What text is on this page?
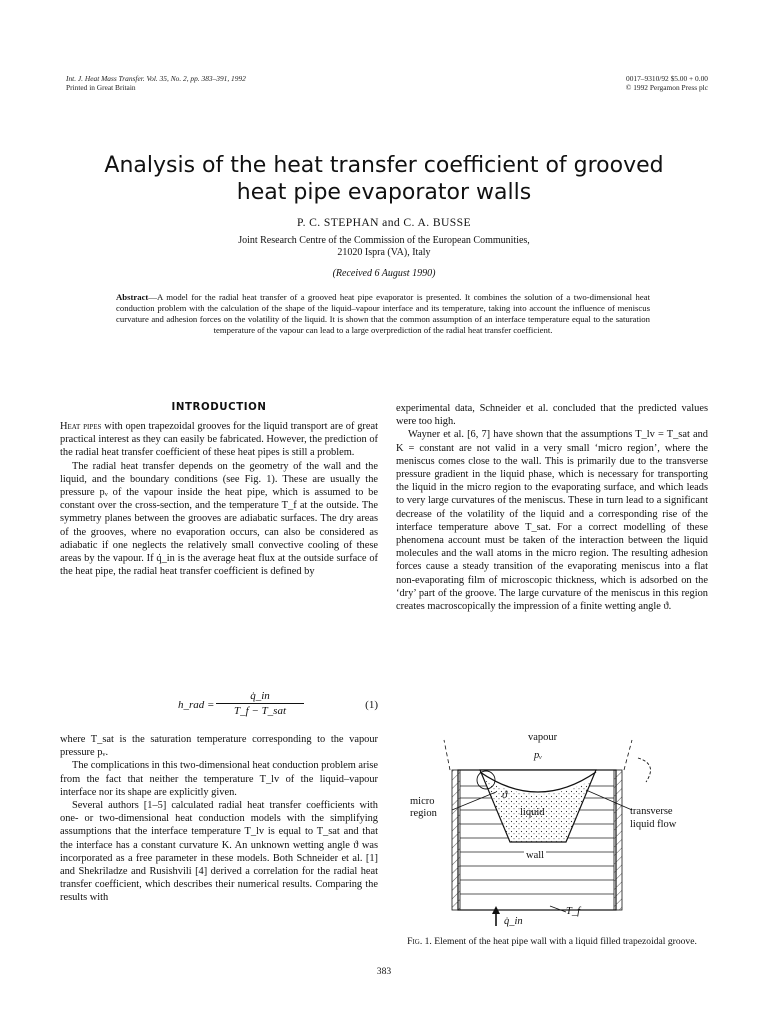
Int. J. Heat Mass Transfer. Vol. 35, No. 2, pp. 383–391, 1992
Printed in Great Britain
0017–9310/92 $5.00 + 0.00
© 1992 Pergamon Press plc
Analysis of the heat transfer coefficient of grooved
heat pipe evaporator walls
P. C. STEPHAN and C. A. BUSSE
Joint Research Centre of the Commission of the European Communities,
21020 Ispra (VA), Italy
(Received 6 August 1990)
Abstract—A model for the radial heat transfer of a grooved heat pipe evaporator is presented. It combines the solution of a two-dimensional heat conduction problem with the calculation of the shape of the liquid–vapour interface and its temperature, taking into account the influence of meniscus curvature and adhesion forces on the volatility of the liquid. It is shown that the common assumption of an interface temperature equal to the saturation temperature of the vapour can lead to a large overprediction of the radial heat transfer coefficient.
INTRODUCTION

Heat pipes with open trapezoidal grooves for the liquid transport are of great practical interest as they can easily be fabricated. However, the prediction of the radial heat transfer coefficient of these heat pipes is still a problem.

The radial heat transfer depends on the geometry of the wall and the liquid, and the boundary conditions (see Fig. 1). These are usually the pressure pᵥ of the vapour inside the heat pipe, which is assumed to be constant over the cross-section, and the temperature T_f at the outside. The symmetry planes between the grooves are adiabatic surfaces. The dry areas of the grooves, where no evaporation occurs, can also be considered as adiabatic if one neglects the relatively small convective cooling of these areas by the vapour. If q̇_in is the average heat flux at the outside surface of the heat pipe, the radial heat transfer coefficient is defined by

h_rad =
q̇_in
T_f − T_sat	(1)

where T_sat is the saturation temperature corresponding to the vapour pressure pᵥ.

The complications in this two-dimensional heat conduction problem arise from the fact that neither the temperature T_lv of the liquid–vapour interface nor its shape are explicitly given.

Several authors [1–5] calculated radial heat transfer coefficients with one- or two-dimensional heat conduction models with the simplifying assumptions that the interface temperature T_lv is equal to T_sat and that the interface has a constant curvature K. An unknown wetting angle ϑ was incorporated as a free parameter in these models. Both Schneider et al. [1] and Shekriladze and Rusishvili [4] derived a correlation for the radial heat transfer coefficient, which describes their numerical results. Comparing the results with

experimental data, Schneider et al. concluded that the predicted values were too high.

Wayner et al. [6, 7] have shown that the assumptions T_lv = T_sat and K = constant are not valid in a very small ‘micro region’, where the meniscus comes close to the wall. This is primarily due to the transverse pressure gradient in the liquid phase, which is necessary for transporting the liquid in the micro region to the evaporating surface, and which leads to very large curvatures of the meniscus. These in turn lead to a significant decrease of the volatility of the liquid and a corresponding rise of the interface temperature above T_sat. For a correct modelling of these phenomena account must be taken of the interaction between the liquid molecules and the wall atoms in the micro region. The resulting adhesion forces cause a steady transition of the evaporating meniscus into a flat non-evaporating film of microscopic thickness, which is adsorbed on the ‘dry’ part of the groove. The large curvature of the meniscus in this region creates macroscopically the impression of a finite wetting angle ϑ.

vapour
pᵥ
micro
region
ϑ
liquid	transverse
liquid flow
wall
T_f
q̇_in
Fig. 1. Element of the heat pipe wall with a liquid filled trapezoidal groove.
383
